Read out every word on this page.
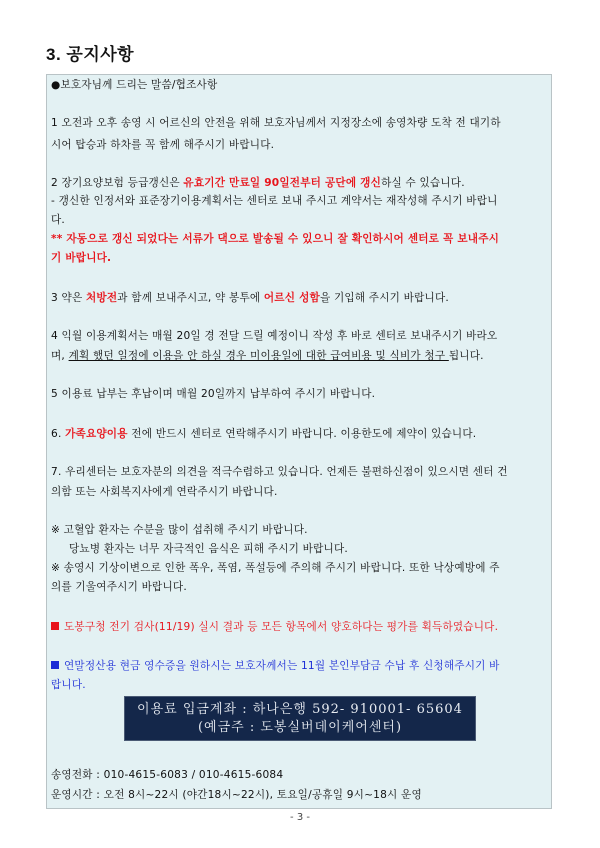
3. 공지사항
●보호자님께 드리는 말씀/협조사항
1 오전과 오후 송영 시 어르신의 안전을 위해 보호자님께서 지정장소에 송영차량 도착 전 대기하
시어 탑승과 하차를 꼭 함께 해주시기 바랍니다.
2 장기요양보험 등급갱신은 유효기간 만료일 90일전부터 공단에 갱신하실 수 있습니다.
- 갱신한 인정서와 표준장기이용계획서는 센터로 보내 주시고 계약서는 재작성해 주시기 바랍니
다.
** 자동으로 갱신 되었다는 서류가 댁으로 발송될 수 있으니 잘 확인하시어 센터로 꼭 보내주시
기 바랍니다.
3 약은 처방전과 함께 보내주시고, 약 봉투에 어르신 성함을 기입해 주시기 바랍니다.
4 익월 이용계획서는 매월 20일 경 전달 드릴 예정이니 작성 후 바로 센터로 보내주시기 바라오
며, 계획 했던 일정에 이용을 안 하실 경우 미이용일에 대한 급여비용 및 식비가 청구 됩니다.
5 이용료 납부는 후납이며 매월 20일까지 납부하여 주시기 바랍니다.
6. 가족요양이용 전에 반드시 센터로 연락해주시기 바랍니다. 이용한도에 제약이 있습니다.
7. 우리센터는 보호자분의 의견을 적극수렴하고 있습니다. 언제든 불편하신점이 있으시면 센터 건
의함 또는 사회복지사에게 연락주시기 바랍니다.
※ 고혈압 환자는 수분을 많이 섭취해 주시기 바랍니다.
당뇨병 환자는 너무 자극적인 음식은 피해 주시기 바랍니다.
※ 송영시 기상이변으로 인한 폭우, 폭염, 폭설등에 주의해 주시기 바랍니다. 또한 낙상예방에 주
의를 기울여주시기 바랍니다.
도봉구청 전기 검사(11/19) 실시 결과 등 모든 항목에서 양호하다는 평가를 획득하였습니다.
연말정산용 현금 영수증을 원하시는 보호자께서는 11월 본인부담금 수납 후 신청해주시기 바
랍니다.
이용료 입금계좌 : 하나은행 592- 910001- 65604
(예금주 : 도봉실버데이케어센터)
송영전화 : 010-4615-6083 / 010-4615-6084
운영시간 : 오전 8시~22시 (야간18시~22시), 토요일/공휴일 9시~18시 운영
- 3 -
